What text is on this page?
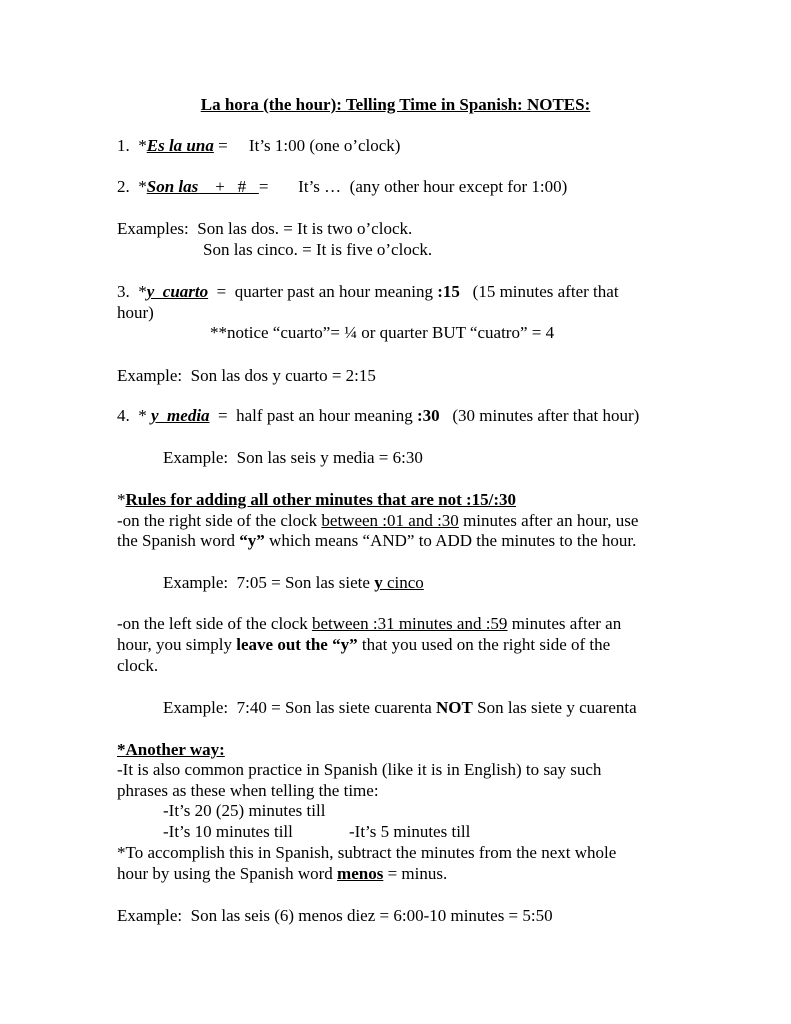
La hora (the hour): Telling Time in Spanish: NOTES:

1.  *Es la una =     It’s 1:00 (one o’clock)

2.  *Son las    +   #   =       It’s …  (any other hour except for 1:00)

Examples:  Son las dos. = It is two o’clock.

Son las cinco. = It is five o’clock.

3.  *y  cuarto  =  quarter past an hour meaning :15   (15 minutes after that

hour)

**notice “cuarto”= ¼ or quarter BUT “cuatro” = 4

Example:  Son las dos y cuarto = 2:15

4.  * y  media  =  half past an hour meaning :30   (30 minutes after that hour)

Example:  Son las seis y media = 6:30

*Rules for adding all other minutes that are not :15/:30

-on the right side of the clock between :01 and :30 minutes after an hour, use

the Spanish word “y” which means “AND” to ADD the minutes to the hour.

Example:  7:05 = Son las siete y cinco

-on the left side of the clock between :31 minutes and :59 minutes after an

hour, you simply leave out the “y” that you used on the right side of the

clock.

Example:  7:40 = Son las siete cuarenta NOT Son las siete y cuarenta

*Another way:

-It is also common practice in Spanish (like it is in English) to say such

phrases as these when telling the time:

-It’s 20 (25) minutes till

-It’s 10 minutes till	-It’s 5 minutes till

*To accomplish this in Spanish, subtract the minutes from the next whole

hour by using the Spanish word menos = minus.

Example:  Son las seis (6) menos diez = 6:00-10 minutes = 5:50
